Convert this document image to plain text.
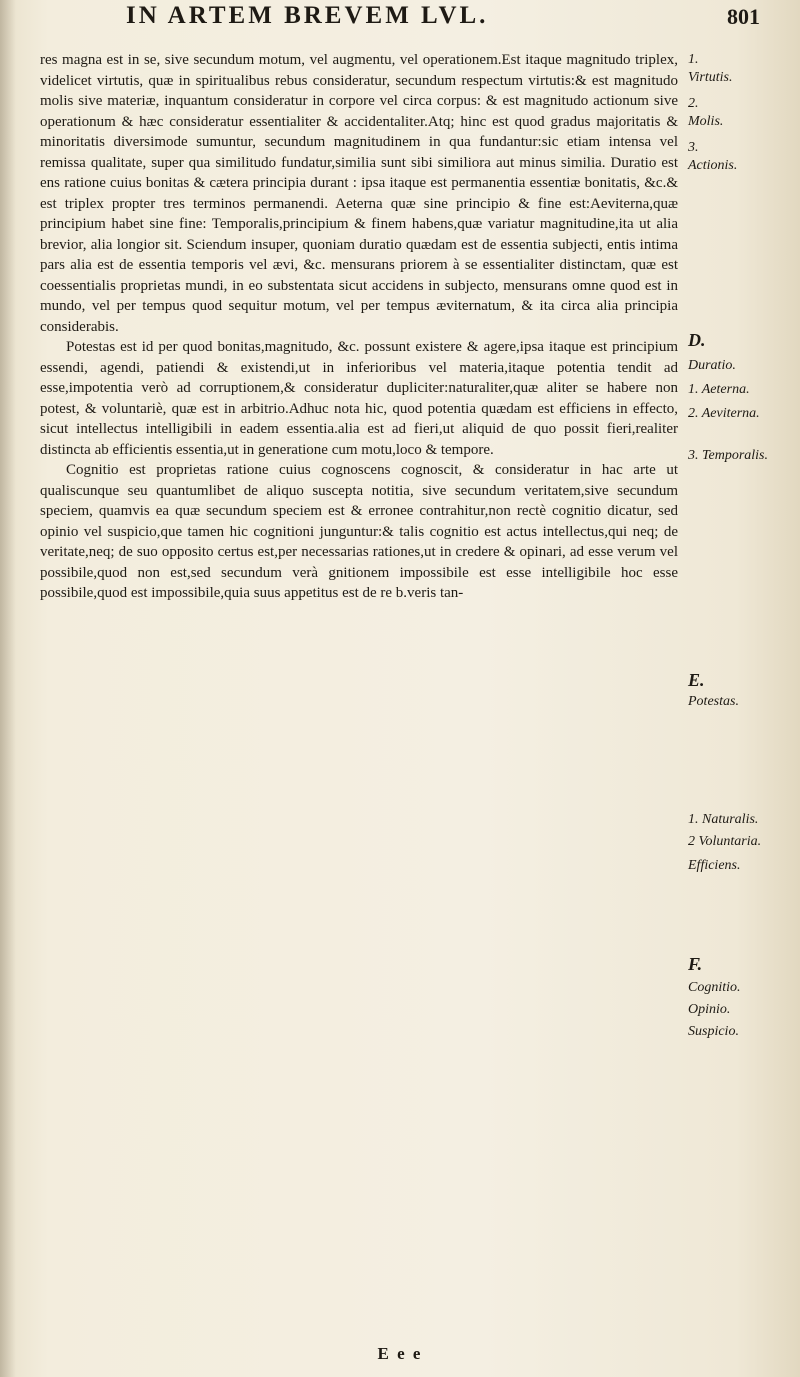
IN ARTEM BREVEM LVL.	801

res magna est in se, sive secundum motum, vel augmentu, vel operationem.Est itaque magnitudo triplex, videlicet virtutis, quæ in spiritualibus rebus consideratur, secundum respectum virtutis:& est magnitudo molis sive materiæ, inquantum consideratur in corpore vel circa corpus: & est magnitudo actionum sive operationum & hæc consideratur essentialiter & accidentaliter.Atq; hinc est quod gradus majoritatis & minoritatis diversimode sumuntur, secundum magnitudinem in qua fundantur:sic etiam intensa vel remissa qualitate, super qua similitudo fundatur,similia sunt sibi similiora aut minus similia. Duratio est ens ratione cuius bonitas & cætera principia durant : ipsa itaque est permanentia essentiæ bonitatis, &c.& est triplex propter tres terminos permanendi. Aeterna quæ sine principio & fine est:Aeviterna,quæ principium habet sine fine: Temporalis,principium & finem habens,quæ variatur magnitudine,ita ut alia brevior, alia longior sit. Sciendum insuper, quoniam duratio quædam est de essentia subjecti, entis intima pars alia est de essentia temporis vel ævi, &c. mensurans priorem à se essentialiter distinctam, quæ est coessentialis proprietas mundi, in eo substentata sicut accidens in subjecto, mensurans omne quod est in mundo, vel per tempus quod sequitur motum, vel per tempus æviternatum, & ita circa alia principia considerabis.

Potestas est id per quod bonitas,magnitudo, &c. possunt existere & agere,ipsa itaque est principium essendi, agendi, patiendi & existendi,ut in inferioribus vel materia,itaque potentia tendit ad esse,impotentia verò ad corruptionem,& consideratur dupliciter:naturaliter,quæ aliter se habere non potest, & voluntariè, quæ est in arbitrio.Adhuc nota hic, quod potentia quædam est efficiens in effecto, sicut intellectus intelligibili in eadem essentia.alia est ad fieri,ut aliquid de quo possit fieri,realiter distincta ab efficientis essentia,ut in generatione cum motu,loco & tempore.

Cognitio est proprietas ratione cuius cognoscens cognoscit, & consideratur in hac arte ut qualiscunque seu quantumlibet de aliquo suscepta notitia, sive secundum veritatem,sive secundum speciem, quamvis ea quæ secundum speciem est & erronee contrahitur,non rectè cognitio dicatur, sed opinio vel suspicio,que tamen hic cognitioni junguntur:& talis cognitio est actus intellectus,qui neq; de veritate,neq; de suo opposito certus est,per necessarias rationes,ut in credere & opinari, ad esse verum vel possibile,quod non est,sed secundum verà gnitionem impossibile est esse intelligibile hoc esse possibile,quod est impossibile,quia suus appetitus est de re b.veris tan-

1.
Virtutis.
2.
Molis.
3.
Actionis.
D.
Duratio.
1. Aeterna.
2. Aeviterna.
3. Temporalis.
E.
Potestas.
1. Naturalis.
2 Voluntaria.
Efficiens.
F.
Cognitio.
Opinio.
Suspicio.
E e e
